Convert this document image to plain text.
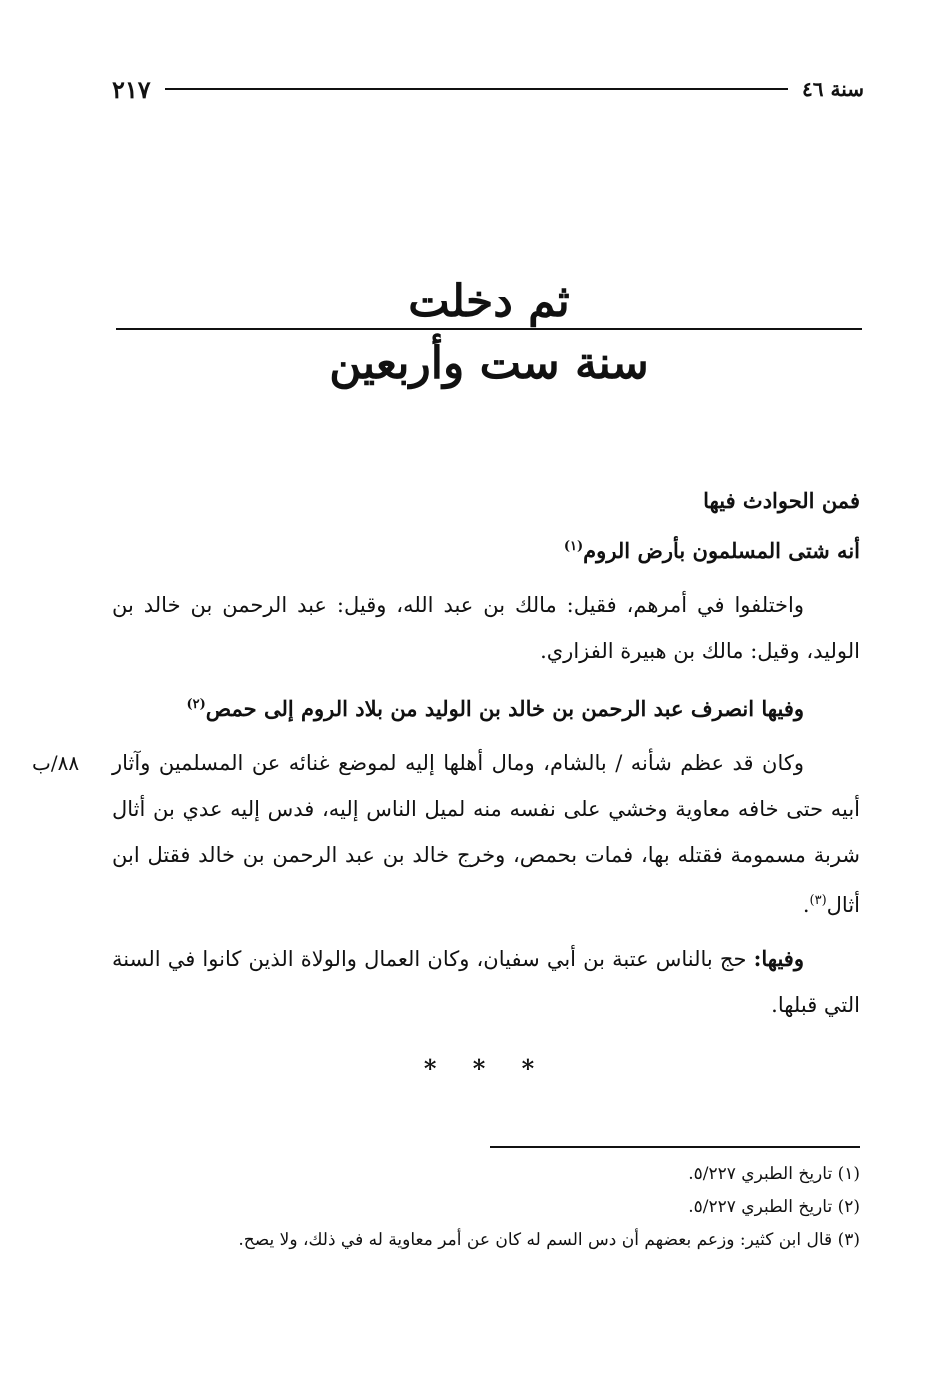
سنة ٤٦
٢١٧
ثم دخلت
سنة ست وأربعين

فمن الحوادث فيها

أنه شتى المسلمون بأرض الروم$^{(١)}$

واختلفوا في أمرهم، فقيل: مالك بن عبد الله، وقيل: عبد الرحمن بن خالد بن الوليد، وقيل: مالك بن هبيرة الفزاري.

وفيها انصرف عبد الرحمن بن خالد بن الوليد من بلاد الروم إلى حمص$^{(٢)}$

٨٨/ب	وكان قد عظم شأنه / بالشام، ومال أهلها إليه لموضع غنائه عن المسلمين وآثار أبيه حتى خافه معاوية وخشي على نفسه منه لميل الناس إليه، فدس إليه عدي بن أثال شربة مسمومة فقتله بها، فمات بحمص، وخرج خالد بن عبد الرحمن بن خالد فقتل ابن أثال$^{(٣)}$.

وفيها: حج بالناس عتبة بن أبي سفيان، وكان العمال والولاة الذين كانوا في السنة التي قبلها.

* * *

(١) تاريخ الطبري ٥/٢٢٧.

(٢) تاريخ الطبري ٥/٢٢٧.

(٣) قال ابن كثير: وزعم بعضهم أن دس السم له كان عن أمر معاوية له في ذلك، ولا يصح.
